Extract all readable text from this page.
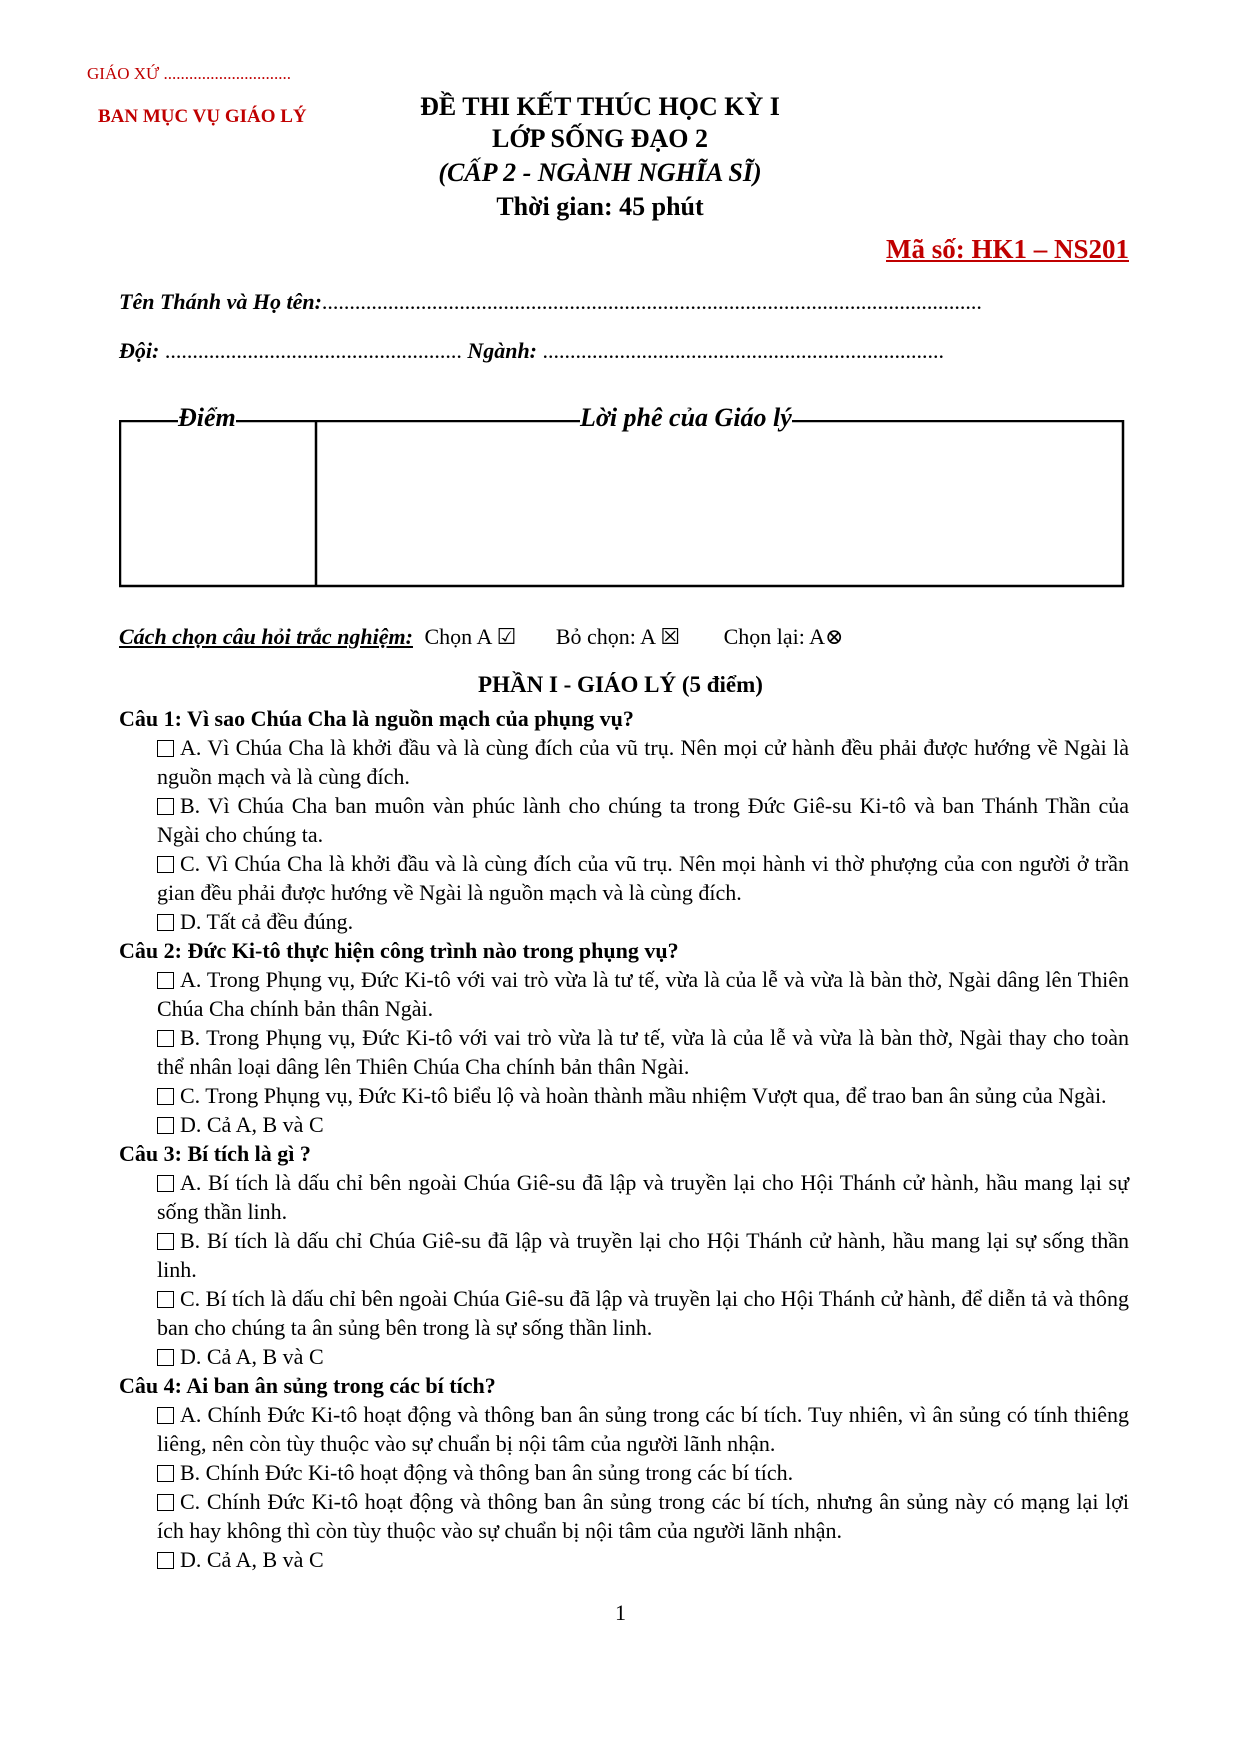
GIÁO XỨ ..............................
BAN MỤC VỤ GIÁO LÝ	ĐỀ THI KẾT THÚC HỌC KỲ I
LỚP SỐNG ĐẠO 2
(CẤP 2 - NGÀNH NGHĨA SĨ)
Thời gian: 45 phút
Mã số: HK1 – NS201
Tên Thánh và Họ tên:........................................................................................................................
Đội: ...................................................... Ngành: .........................................................................
Điểm	Lời phê của Giáo lý
Cách chọn câu hỏi trắc nghiệm: Chọn A ☑ Bỏ chọn: A ☒ Chọn lại: A⊗
PHẦN I - GIÁO LÝ (5 điểm)

Câu 1: Vì sao Chúa Cha là nguồn mạch của phụng vụ?

A. Vì Chúa Cha là khởi đầu và là cùng đích của vũ trụ. Nên mọi cử hành đều phải được hướng về Ngài là nguồn mạch và là cùng đích.

B. Vì Chúa Cha ban muôn vàn phúc lành cho chúng ta trong Đức Giê-su Ki-tô và ban Thánh Thần của Ngài cho chúng ta.

C. Vì Chúa Cha là khởi đầu và là cùng đích của vũ trụ. Nên mọi hành vi thờ phượng của con người ở trần gian đều phải được hướng về Ngài là nguồn mạch và là cùng đích.

D. Tất cả đều đúng.

Câu 2: Đức Ki-tô thực hiện công trình nào trong phụng vụ?

A. Trong Phụng vụ, Đức Ki-tô với vai trò vừa là tư tế, vừa là của lễ và vừa là bàn thờ, Ngài dâng lên Thiên Chúa Cha chính bản thân Ngài.

B. Trong Phụng vụ, Đức Ki-tô với vai trò vừa là tư tế, vừa là của lễ và vừa là bàn thờ, Ngài thay cho toàn thể nhân loại dâng lên Thiên Chúa Cha chính bản thân Ngài.

C. Trong Phụng vụ, Đức Ki-tô biểu lộ và hoàn thành mầu nhiệm Vượt qua, để trao ban ân sủng của Ngài.

D. Cả A, B và C

Câu 3: Bí tích là gì ?

A. Bí tích là dấu chỉ bên ngoài Chúa Giê-su đã lập và truyền lại cho Hội Thánh cử hành, hầu mang lại sự sống thần linh.

B. Bí tích là dấu chỉ Chúa Giê-su đã lập và truyền lại cho Hội Thánh cử hành, hầu mang lại sự sống thần linh.

C. Bí tích là dấu chỉ bên ngoài Chúa Giê-su đã lập và truyền lại cho Hội Thánh cử hành, để diễn tả và thông ban cho chúng ta ân sủng bên trong là sự sống thần linh.

D. Cả A, B và C

Câu 4: Ai ban ân sủng trong các bí tích?

A. Chính Đức Ki-tô hoạt động và thông ban ân sủng trong các bí tích. Tuy nhiên, vì ân sủng có tính thiêng liêng, nên còn tùy thuộc vào sự chuẩn bị nội tâm của người lãnh nhận.

B. Chính Đức Ki-tô hoạt động và thông ban ân sủng trong các bí tích.

C. Chính Đức Ki-tô hoạt động và thông ban ân sủng trong các bí tích, nhưng ân sủng này có mạng lại lợi ích hay không thì còn tùy thuộc vào sự chuẩn bị nội tâm của người lãnh nhận.

D. Cả A, B và C

1
